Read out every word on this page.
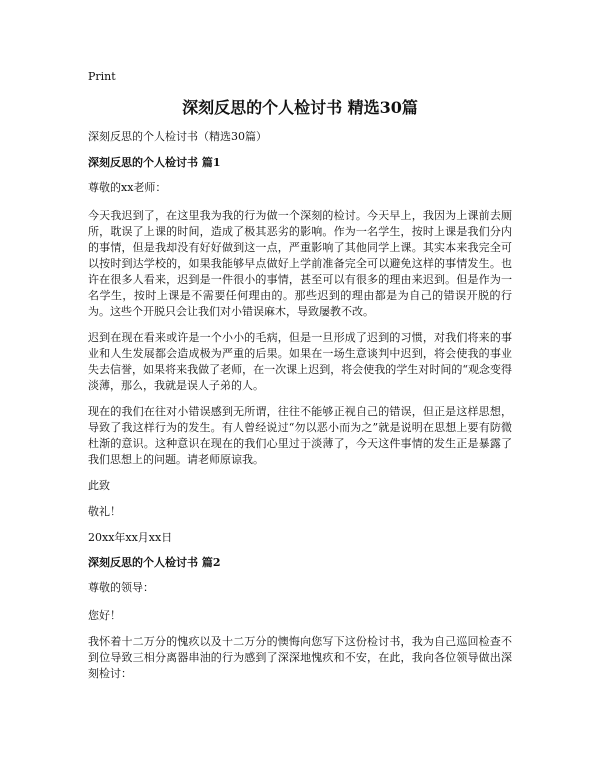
Print
深刻反思的个人检讨书 精选30篇
深刻反思的个人检讨书（精选30篇）
深刻反思的个人检讨书 篇1

尊敬的xx老师：

今天我迟到了，在这里我为我的行为做一个深刻的检讨。今天早上，我因为上课前去厕所，耽误了上课的时间，造成了极其恶劣的影响。作为一名学生，按时上课是我们分内的事情，但是我却没有好好做到这一点，严重影响了其他同学上课。其实本来我完全可以按时到达学校的，如果我能够早点做好上学前准备完全可以避免这样的事情发生。也许在很多人看来，迟到是一件很小的事情，甚至可以有很多的理由来迟到。但是作为一名学生，按时上课是不需要任何理由的。那些迟到的理由都是为自己的错误开脱的行为。这些个开脱只会让我们对小错误麻木，导致屡教不改。

迟到在现在看来或许是一个小小的毛病，但是一旦形成了迟到的习惯，对我们将来的事业和人生发展都会造成极为严重的后果。如果在一场生意谈判中迟到，将会使我的事业失去信誉，如果将来我做了老师，在一次课上迟到，将会使我的学生对时间的“观念变得淡薄，那么，我就是误人子弟的人。

现在的我们在往对小错误感到无所谓，往往不能够正视自己的错误，但正是这样思想，导致了我这样行为的发生。有人曾经说过“勿以恶小而为之”就是说明在思想上要有防微杜渐的意识。这种意识在现在的我们心里过于淡薄了，今天这件事情的发生正是暴露了我们思想上的问题。请老师原谅我。

此致

敬礼！

20xx年xx月xx日

深刻反思的个人检讨书 篇2

尊敬的领导：

您好！

我怀着十二万分的愧疚以及十二万分的懊悔向您写下这份检讨书，我为自己巡回检查不到位导致三相分离器串油的行为感到了深深地愧疚和不安，在此，我向各位领导做出深刻检讨：
